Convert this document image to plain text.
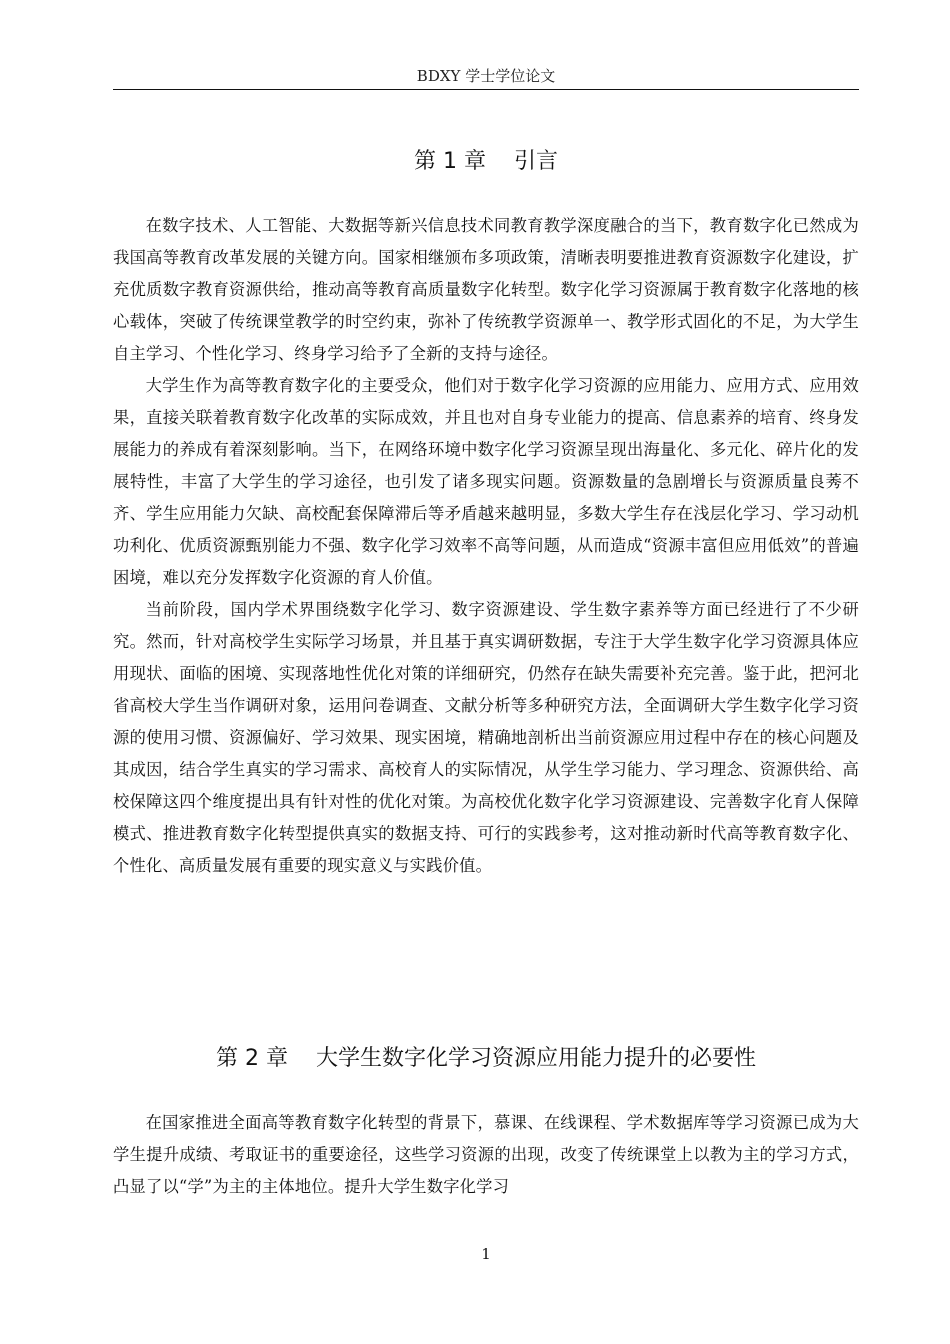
BDXY 学士学位论文
第 1 章    引言

在数字技术、人工智能、大数据等新兴信息技术同教育教学深度融合的当下，教育数字化已然成为我国高等教育改革发展的关键方向。国家相继颁布多项政策，清晰表明要推进教育资源数字化建设，扩充优质数字教育资源供给，推动高等教育高质量数字化转型。数字化学习资源属于教育数字化落地的核心载体，突破了传统课堂教学的时空约束，弥补了传统教学资源单一、教学形式固化的不足，为大学生自主学习、个性化学习、终身学习给予了全新的支持与途径。

大学生作为高等教育数字化的主要受众，他们对于数字化学习资源的应用能力、应用方式、应用效果，直接关联着教育数字化改革的实际成效，并且也对自身专业能力的提高、信息素养的培育、终身发展能力的养成有着深刻影响。当下，在网络环境中数字化学习资源呈现出海量化、多元化、碎片化的发展特性，丰富了大学生的学习途径，也引发了诸多现实问题。资源数量的急剧增长与资源质量良莠不齐、学生应用能力欠缺、高校配套保障滞后等矛盾越来越明显，多数大学生存在浅层化学习、学习动机功利化、优质资源甄别能力不强、数字化学习效率不高等问题，从而造成“资源丰富但应用低效”的普遍困境，难以充分发挥数字化资源的育人价值。

当前阶段，国内学术界围绕数字化学习、数字资源建设、学生数字素养等方面已经进行了不少研究。然而，针对高校学生实际学习场景，并且基于真实调研数据，专注于大学生数字化学习资源具体应用现状、面临的困境、实现落地性优化对策的详细研究，仍然存在缺失需要补充完善。鉴于此，把河北省高校大学生当作调研对象，运用问卷调查、文献分析等多种研究方法，全面调研大学生数字化学习资源的使用习惯、资源偏好、学习效果、现实困境，精确地剖析出当前资源应用过程中存在的核心问题及其成因，结合学生真实的学习需求、高校育人的实际情况，从学生学习能力、学习理念、资源供给、高校保障这四个维度提出具有针对性的优化对策。为高校优化数字化学习资源建设、完善数字化育人保障模式、推进教育数字化转型提供真实的数据支持、可行的实践参考，这对推动新时代高等教育数字化、个性化、高质量发展有重要的现实意义与实践价值。

第 2 章    大学生数字化学习资源应用能力提升的必要性

在国家推进全面高等教育数字化转型的背景下，慕课、在线课程、学术数据库等学习资源已成为大学生提升成绩、考取证书的重要途径，这些学习资源的出现，改变了传统课堂上以教为主的学习方式，凸显了以“学”为主的主体地位。提升大学生数字化学习

1
